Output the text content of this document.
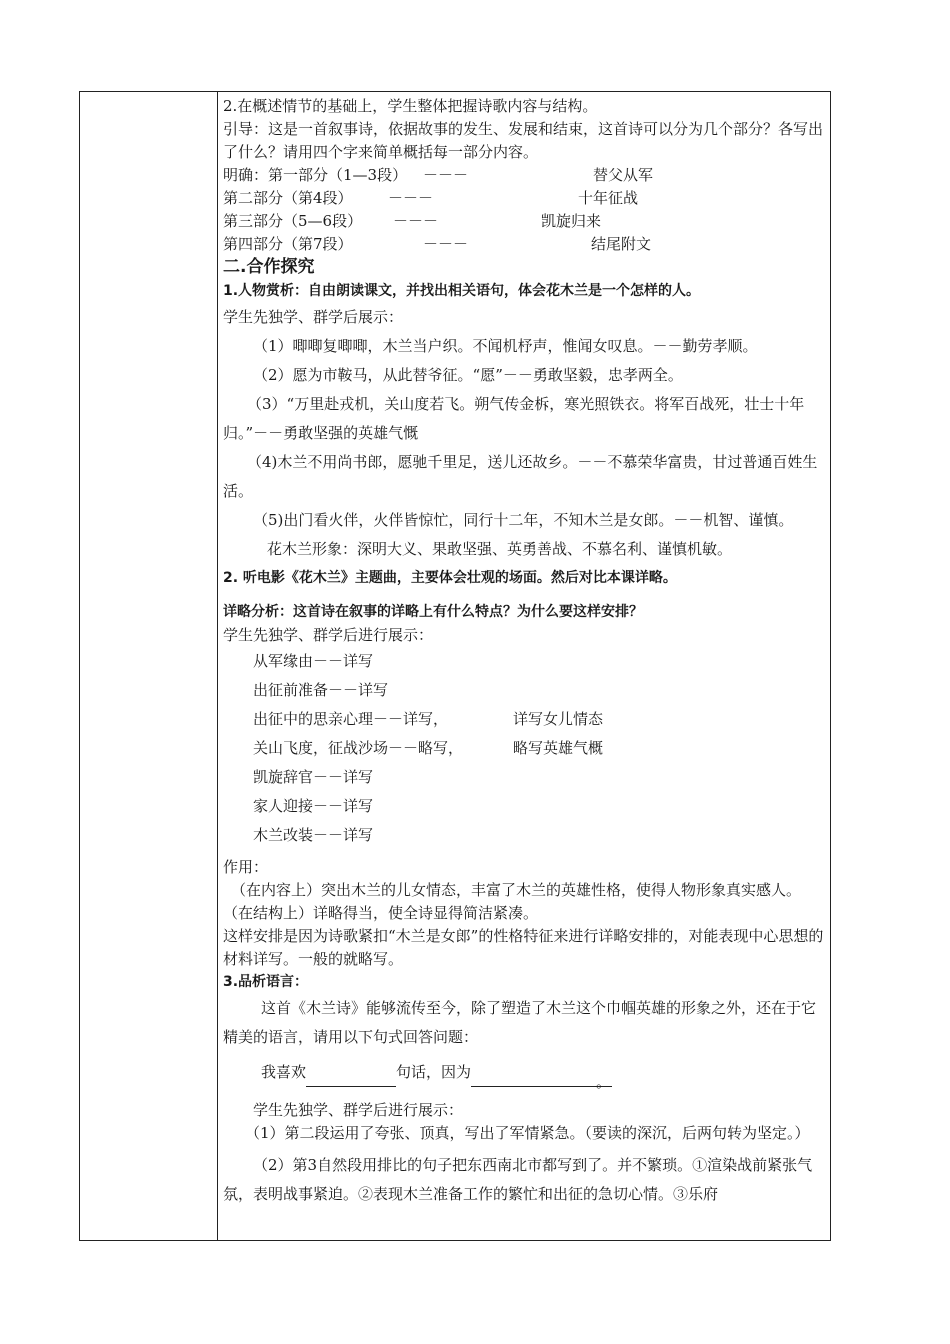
2.在概述情节的基础上，学生整体把握诗歌内容与结构。
引导：这是一首叙事诗，依据故事的发生、发展和结束，这首诗可以分为几个部分？各写出了什么？请用四个字来简单概括每一部分内容。
明确：第一部分（1—3段） －－－	替父从军
第二部分（第4段） －－－	十年征战
第三部分（5—6段） －－－	凯旋归来
第四部分（第7段）	－－－	结尾附文
二.合作探究
1.人物赏析：自由朗读课文，并找出相关语句，体会花木兰是一个怎样的人。
学生先独学、群学后展示：
（1）唧唧复唧唧，木兰当户织。不闻机杼声，惟闻女叹息。－－勤劳孝顺。
（2）愿为市鞍马，从此替爷征。“愿”－－勇敢坚毅，忠孝两全。
（3）“万里赴戎机，关山度若飞。朔气传金柝，寒光照铁衣。将军百战死，壮士十年归。”－－勇敢坚强的英雄气慨
（4)木兰不用尚书郎，愿驰千里足，送儿还故乡。－－不慕荣华富贵，甘过普通百姓生活。
（5)出门看火伴，火伴皆惊忙，同行十二年，不知木兰是女郎。－－机智、谨慎。
花木兰形象：深明大义、果敢坚强、英勇善战、不慕名利、谨慎机敏。
2. 听电影《花木兰》主题曲，主要体会壮观的场面。然后对比本课详略。
详略分析：这首诗在叙事的详略上有什么特点？为什么要这样安排？
学生先独学、群学后进行展示：
从军缘由－－详写
出征前准备－－详写
出征中的思亲心理－－详写，	详写女儿情态
关山飞度，征战沙场－－略写，	略写英雄气概
凯旋辞官－－详写
家人迎接－－详写
木兰改装－－详写
作用：
（在内容上）突出木兰的儿女情态，丰富了木兰的英雄性格，使得人物形象真实感人。
（在结构上）详略得当，使全诗显得简洁紧凑。
这样安排是因为诗歌紧扣“木兰是女郎”的性格特征来进行详略安排的，对能表现中心思想的材料详写。一般的就略写。
3.品析语言：
这首《木兰诗》能够流传至今，除了塑造了木兰这个巾帼英雄的形象之外，还在于它精美的语言，请用以下句式回答问题：
我喜欢	句话，因为。
学生先独学、群学后进行展示：
（1）第二段运用了夸张、顶真，写出了军情紧急。（要读的深沉，后两句转为坚定。）
（2）第3自然段用排比的句子把东西南北市都写到了。并不繁琐。①渲染战前紧张气氛，表明战事紧迫。②表现木兰准备工作的繁忙和出征的急切心情。③乐府
